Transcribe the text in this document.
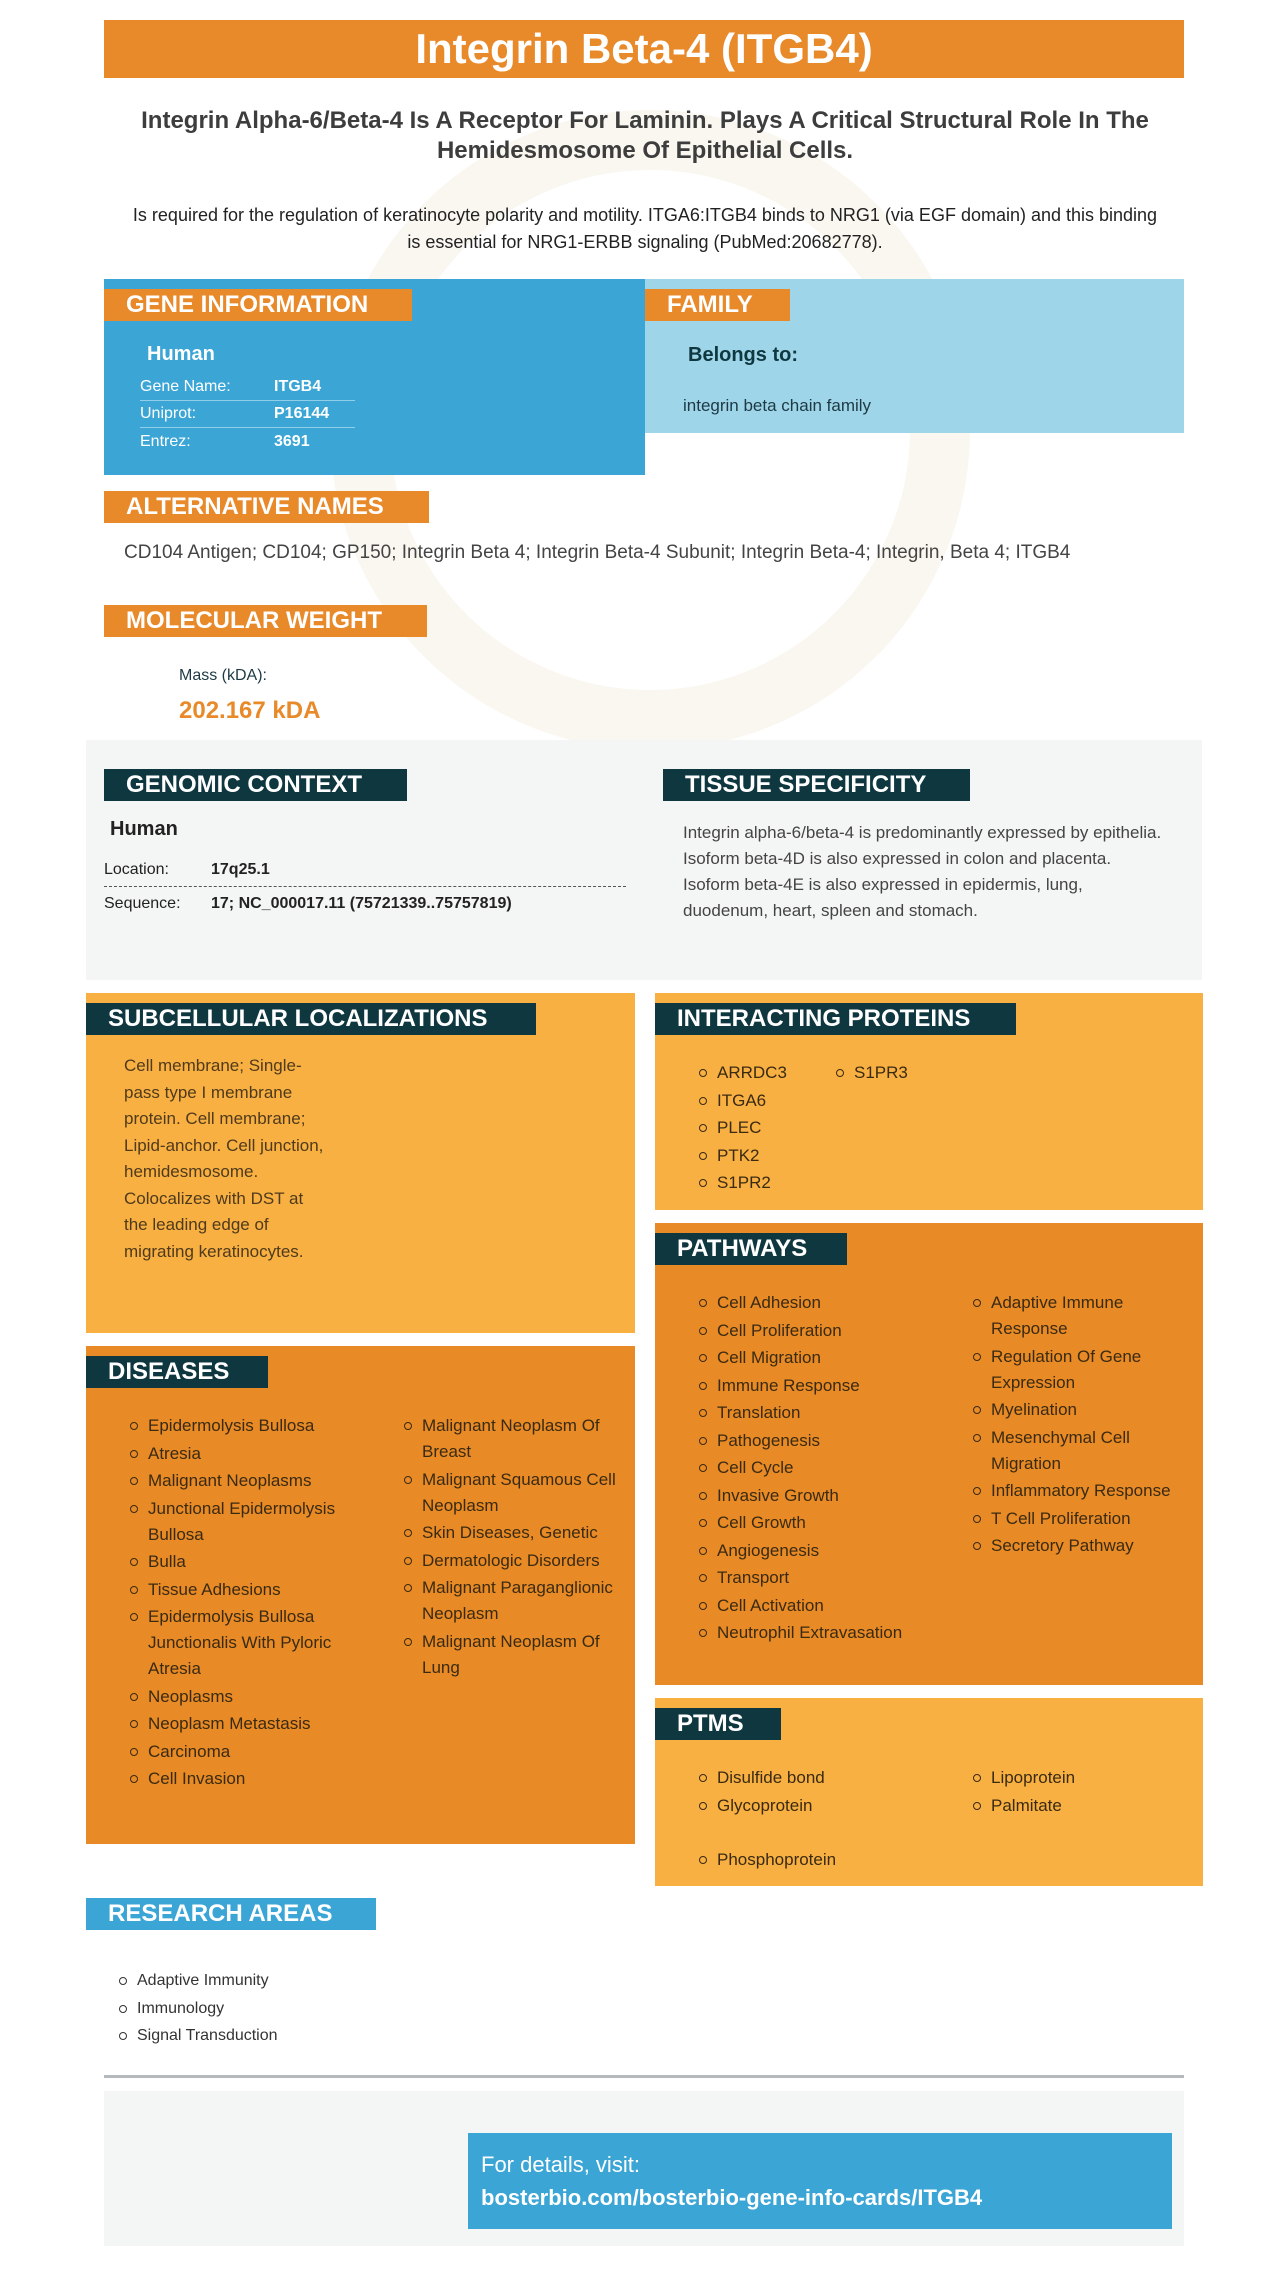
Integrin Beta-4 (ITGB4)
Integrin Alpha-6/Beta-4 Is A Receptor For Laminin. Plays A Critical Structural Role In The Hemidesmosome Of Epithelial Cells.
Is required for the regulation of keratinocyte polarity and motility. ITGA6:ITGB4 binds to NRG1 (via EGF domain) and this binding is essential for NRG1-ERBB signaling (PubMed:20682778).
GENE INFORMATION
Human
Gene Name:	ITGB4
Uniprot:	P16144
Entrez:	3691
FAMILY
Belongs to:
integrin beta chain family
ALTERNATIVE NAMES
CD104 Antigen; CD104; GP150; Integrin Beta 4; Integrin Beta-4 Subunit; Integrin Beta-4; Integrin, Beta 4; ITGB4
MOLECULAR WEIGHT
Mass (kDA):
202.167 kDA
GENOMIC CONTEXT
Human
Location:	17q25.1
Sequence:	17; NC_000017.11 (75721339..75757819)
TISSUE SPECIFICITY
Integrin alpha-6/beta-4 is predominantly expressed by epithelia. Isoform beta-4D is also expressed in colon and placenta. Isoform beta-4E is also expressed in epidermis, lung, duodenum, heart, spleen and stomach.
SUBCELLULAR LOCALIZATIONS
Cell membrane; Single-pass type I membrane protein. Cell membrane; Lipid-anchor. Cell junction, hemidesmosome. Colocalizes with DST at the leading edge of migrating keratinocytes.
INTERACTING PROTEINS
ARRDC3
ITGA6
PLEC
PTK2
S1PR2
S1PR3
PATHWAYS
Cell Adhesion
Cell Proliferation
Cell Migration
Immune Response
Translation
Pathogenesis
Cell Cycle
Invasive Growth
Cell Growth
Angiogenesis
Transport
Cell Activation
Neutrophil Extravasation
Adaptive Immune Response
Regulation Of Gene Expression
Myelination
Mesenchymal Cell Migration
Inflammatory Response
T Cell Proliferation
Secretory Pathway
DISEASES
Epidermolysis Bullosa
Atresia
Malignant Neoplasms
Junctional Epidermolysis Bullosa
Bulla
Tissue Adhesions
Epidermolysis Bullosa Junctionalis With Pyloric Atresia
Neoplasms
Neoplasm Metastasis
Carcinoma
Cell Invasion
Malignant Neoplasm Of Breast
Malignant Squamous Cell Neoplasm
Skin Diseases, Genetic
Dermatologic Disorders
Malignant Paraganglionic Neoplasm
Malignant Neoplasm Of Lung
PTMS
Disulfide bond
Glycoprotein
Lipoprotein
Palmitate
Phosphoprotein
RESEARCH AREAS
Adaptive Immunity
Immunology
Signal Transduction
For details, visit:
bosterbio.com/bosterbio-gene-info-cards/ITGB4
